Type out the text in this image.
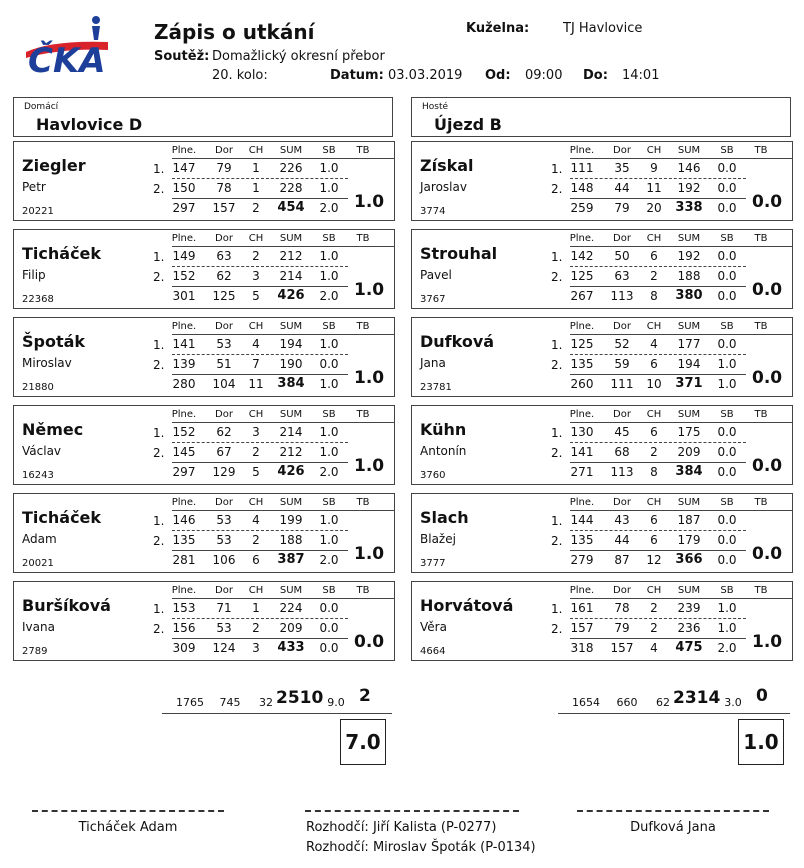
ČKA
Zápis o utkání
Soutěž: Domažlický okresní přebor
20. kolo:	Datum: 03.03.2019 Od: 09:00 Do: 14:01
Kuželna:	TJ Havlovice
Domácí
Havlovice D
Hosté
Újezd B
Ziegler
Petr
20221
Plne.	Dor	CH	SUM	SB	TB
1.
2.
147	79	1	226	1.0
150	78	1	228	1.0
297	157	2	454	2.0 1.0
Ticháček
Filip
22368
Plne.	Dor	CH	SUM	SB	TB
1.
2.
149	63	2	212	1.0
152	62	3	214	1.0
301	125	5	426	2.0 1.0
Špoták
Miroslav
21880
Plne.	Dor	CH	SUM	SB	TB
1.
2.
141	53	4	194	1.0
139	51	7	190	0.0
280	104	11	384	1.0 1.0
Němec
Václav
16243
Plne.	Dor	CH	SUM	SB	TB
1.
2.
152	62	3	214	1.0
145	67	2	212	1.0
297	129	5	426	2.0 1.0
Ticháček
Adam
20021
Plne.	Dor	CH	SUM	SB	TB
1.
2.
146	53	4	199	1.0
135	53	2	188	1.0
281	106	6	387	2.0 1.0
Buršíková
Ivana
2789
Plne.	Dor	CH	SUM	SB	TB
1.
2.
153	71	1	224	0.0
156	53	2	209	0.0
309	124	3	433	0.0 0.0
Získal
Jaroslav
3774
Plne.	Dor	CH	SUM	SB	TB
1.
2.
111	35	9	146	0.0
148	44	11	192	0.0
259	79	20	338	0.0 0.0
Strouhal
Pavel
3767
Plne.	Dor	CH	SUM	SB	TB
1.
2.
142	50	6	192	0.0
125	63	2	188	0.0
267	113	8	380	0.0 0.0
Dufková
Jana
23781
Plne.	Dor	CH	SUM	SB	TB
1.
2.
125	52	4	177	0.0
135	59	6	194	1.0
260	111	10	371	1.0 0.0
Kühn
Antonín
3760
Plne.	Dor	CH	SUM	SB	TB
1.
2.
130	45	6	175	0.0
141	68	2	209	0.0
271	113	8	384	0.0 0.0
Slach
Blažej
3777
Plne.	Dor	CH	SUM	SB	TB
1.
2.
144	43	6	187	0.0
135	44	6	179	0.0
279	87	12	366	0.0 0.0
Horvátová
Věra
4664
Plne.	Dor	CH	SUM	SB	TB
1.
2.
161	78	2	239	1.0
157	79	2	236	1.0
318	157	4	475	2.0 1.0
1765	745	32 2510 9.0 2
7.0
1654	660	62 2314 3.0 0
1.0
Ticháček Adam	Rozhodčí: Jiří Kalista (P-0277)
Rozhodčí: Miroslav Špoták (P-0134)
Dufková Jana
